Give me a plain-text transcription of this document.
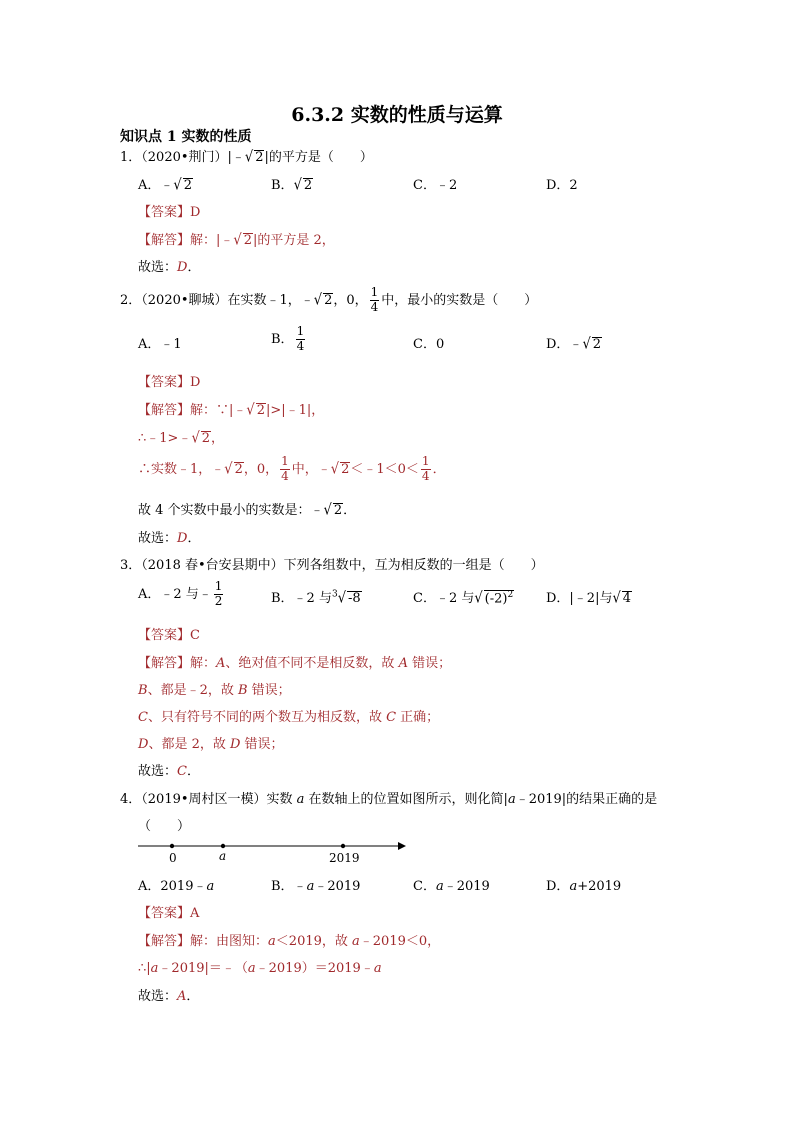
6.3.2 实数的性质与运算
知识点 1 实数的性质
1．（2020•荆门）|﹣√ 2|的平方是（　　）
A．﹣√ 2	B．√ 2	C．﹣2	D．2
【答案】D
【解答】解：|﹣√ 2|的平方是 2，
故选：D．
2．（2020•聊城）在实数﹣1，﹣√ 2，0， $\frac{1}{4}$ 中，最小的实数是（　　）
A．﹣1	B． $\frac{1}{4}$	C．0	D．﹣√ 2
【答案】D
【解答】解：∵|﹣√ 2|>|﹣1|，
∴﹣1>﹣√ 2，
∴实数﹣1，﹣√ 2，0， $\frac{1}{4}$ 中，﹣√ 2＜﹣1＜0＜ $\frac{1}{4}$ ．
故 4 个实数中最小的实数是：﹣√ 2．
故选：D．
3．（2018 春•台安县期中）下列各组数中，互为相反数的一组是（　　）
A．﹣2 与﹣ $\frac{1}{2}$	B．﹣2 与$^3$√ -8	C．﹣2 与√ $(-2)^2$	D．|﹣2|与√ 4
【答案】C
【解答】解：A、绝对值不同不是相反数，故 A 错误；
B、都是﹣2，故 B 错误；
C、只有符号不同的两个数互为相反数，故 C 正确；
D、都是 2，故 D 错误；
故选：C．
4．（2019•周村区一模）实数 a 在数轴上的位置如图所示，则化简|a﹣2019|的结果正确的是
（　　）
0	a	2019
A．2019﹣a	B．﹣a﹣2019	C．a﹣2019	D．a+2019
【答案】A
【解答】解：由图知：a＜2019，故 a﹣2019＜0，
∴|a﹣2019|＝﹣（a﹣2019）＝2019﹣a
故选：A．
